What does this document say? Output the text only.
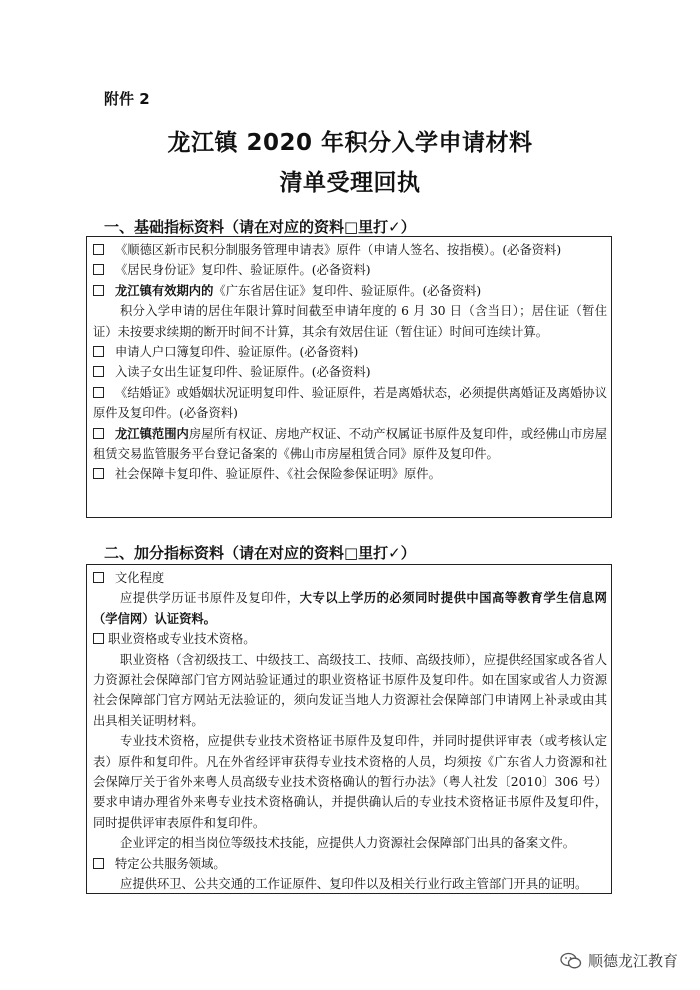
附件 2
龙江镇 2020 年积分入学申请材料
清单受理回执
一、基础指标资料（请在对应的资料□里打✓）

《顺德区新市民积分制服务管理申请表》原件（申请人签名、按指模）。(必备资料)

《居民身份证》复印件、验证原件。(必备资料)

龙江镇有效期内的《广东省居住证》复印件、验证原件。(必备资料)

积分入学申请的居住年限计算时间截至申请年度的 6 月 30 日（含当日）；居住证（暂住证）未按要求续期的断开时间不计算，其余有效居住证（暂住证）时间可连续计算。

申请人户口簿复印件、验证原件。(必备资料)

入读子女出生证复印件、验证原件。(必备资料)

《结婚证》或婚姻状况证明复印件、验证原件，若是离婚状态，必须提供离婚证及离婚协议原件及复印件。(必备资料)

龙江镇范围内房屋所有权证、房地产权证、不动产权属证书原件及复印件，或经佛山市房屋租赁交易监管服务平台登记备案的《佛山市房屋租赁合同》原件及复印件。

社会保障卡复印件、验证原件、《社会保险参保证明》原件。

二、加分指标资料（请在对应的资料□里打✓）

文化程度

应提供学历证书原件及复印件，大专以上学历的必须同时提供中国高等教育学生信息网（学信网）认证资料。

职业资格或专业技术资格。

职业资格（含初级技工、中级技工、高级技工、技师、高级技师），应提供经国家或各省人力资源社会保障部门官方网站验证通过的职业资格证书原件及复印件。如在国家或省人力资源社会保障部门官方网站无法验证的，须向发证当地人力资源社会保障部门申请网上补录或由其出具相关证明材料。

专业技术资格，应提供专业技术资格证书原件及复印件，并同时提供评审表（或考核认定表）原件和复印件。凡在外省经评审获得专业技术资格的人员，均须按《广东省人力资源和社会保障厅关于省外来粤人员高级专业技术资格确认的暂行办法》（粤人社发〔2010〕306 号）要求申请办理省外来粤专业技术资格确认，并提供确认后的专业技术资格证书原件及复印件，同时提供评审表原件和复印件。

企业评定的相当岗位等级技术技能，应提供人力资源社会保障部门出具的备案文件。

特定公共服务领域。

应提供环卫、公共交通的工作证原件、复印件以及相关行业行政主管部门开具的证明。

顺德龙江教育
